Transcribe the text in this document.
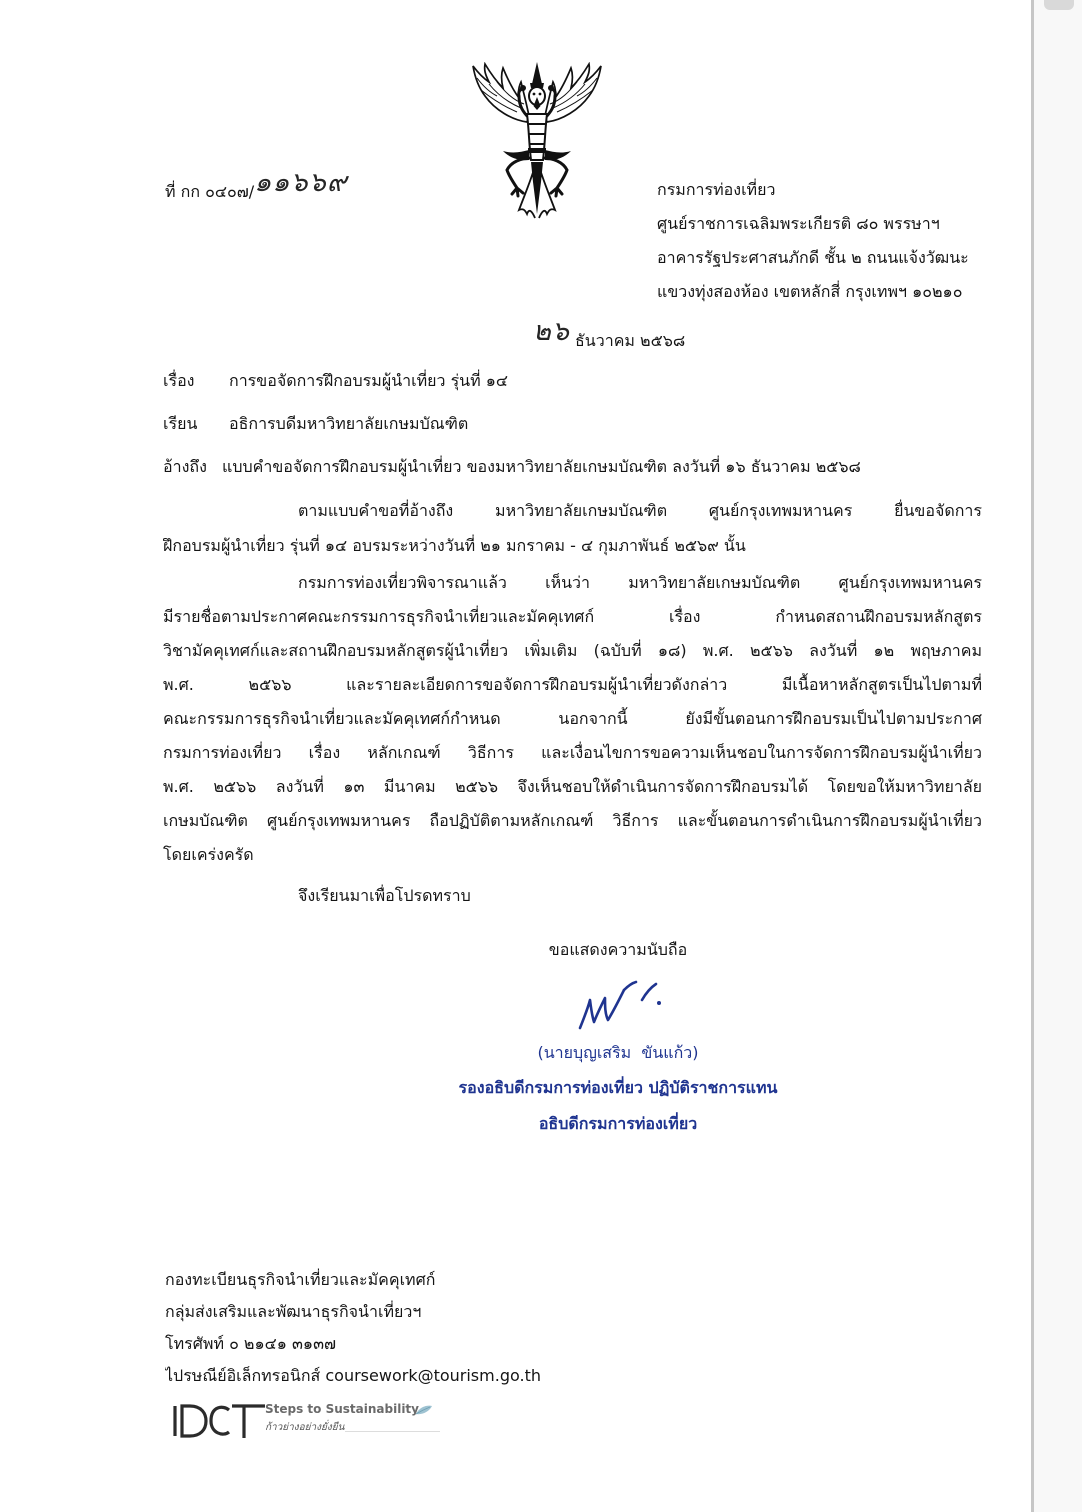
ที่ กก ๐๔๐๗/๑๑๖๖๙	กรมการท่องเที่ยว
ศูนย์ราชการเฉลิมพระเกียรติ ๘๐ พรรษาฯ
อาคารรัฐประศาสนภักดี ชั้น ๒ ถนนแจ้งวัฒนะ
แขวงทุ่งสองห้อง เขตหลักสี่ กรุงเทพฯ ๑๐๒๑๐
๒๖ ธันวาคม ๒๕๖๘
เรื่อง การขอจัดการฝึกอบรมผู้นำเที่ยว รุ่นที่ ๑๔
เรียน อธิการบดีมหาวิทยาลัยเกษมบัณฑิต
อ้างถึง แบบคำขอจัดการฝึกอบรมผู้นำเที่ยว ของมหาวิทยาลัยเกษมบัณฑิต ลงวันที่ ๑๖ ธันวาคม ๒๕๖๘
ตามแบบคำขอที่อ้างถึง มหาวิทยาลัยเกษมบัณฑิต ศูนย์กรุงเทพมหานคร ยื่นขอจัดการ
ฝึกอบรมผู้นำเที่ยว รุ่นที่ ๑๔ อบรมระหว่างวันที่ ๒๑ มกราคม - ๔ กุมภาพันธ์ ๒๕๖๙ นั้น
กรมการท่องเที่ยวพิจารณาแล้ว เห็นว่า มหาวิทยาลัยเกษมบัณฑิต ศูนย์กรุงเทพมหานคร
มีรายชื่อตามประกาศคณะกรรมการธุรกิจนำเที่ยวและมัคคุเทศก์ เรื่อง กำหนดสถานฝึกอบรมหลักสูตร
วิชามัคคุเทศก์และสถานฝึกอบรมหลักสูตรผู้นำเที่ยว เพิ่มเติม (ฉบับที่ ๑๘) พ.ศ. ๒๕๖๖ ลงวันที่ ๑๒ พฤษภาคม
พ.ศ. ๒๕๖๖ และรายละเอียดการขอจัดการฝึกอบรมผู้นำเที่ยวดังกล่าว มีเนื้อหาหลักสูตรเป็นไปตามที่
คณะกรรมการธุรกิจนำเที่ยวและมัคคุเทศก์กำหนด นอกจากนี้ ยังมีขั้นตอนการฝึกอบรมเป็นไปตามประกาศ
กรมการท่องเที่ยว เรื่อง หลักเกณฑ์ วิธีการ และเงื่อนไขการขอความเห็นชอบในการจัดการฝึกอบรมผู้นำเที่ยว
พ.ศ. ๒๕๖๖ ลงวันที่ ๑๓ มีนาคม ๒๕๖๖ จึงเห็นชอบให้ดำเนินการจัดการฝึกอบรมได้ โดยขอให้มหาวิทยาลัย
เกษมบัณฑิต ศูนย์กรุงเทพมหานคร ถือปฏิบัติตามหลักเกณฑ์ วิธีการ และขั้นตอนการดำเนินการฝึกอบรมผู้นำเที่ยว
โดยเคร่งครัด
จึงเรียนมาเพื่อโปรดทราบ
ขอแสดงความนับถือ
(นายบุญเสริม  ขันแก้ว)
รองอธิบดีกรมการท่องเที่ยว ปฏิบัติราชการแทน
อธิบดีกรมการท่องเที่ยว
กองทะเบียนธุรกิจนำเที่ยวและมัคคุเทศก์
กลุ่มส่งเสริมและพัฒนาธุรกิจนำเที่ยวฯ
โทรศัพท์ ๐ ๒๑๔๑ ๓๑๓๗
ไปรษณีย์อิเล็กทรอนิกส์ coursework@tourism.go.th
Steps to Sustainability
ก้าวย่างอย่างยั่งยืน
